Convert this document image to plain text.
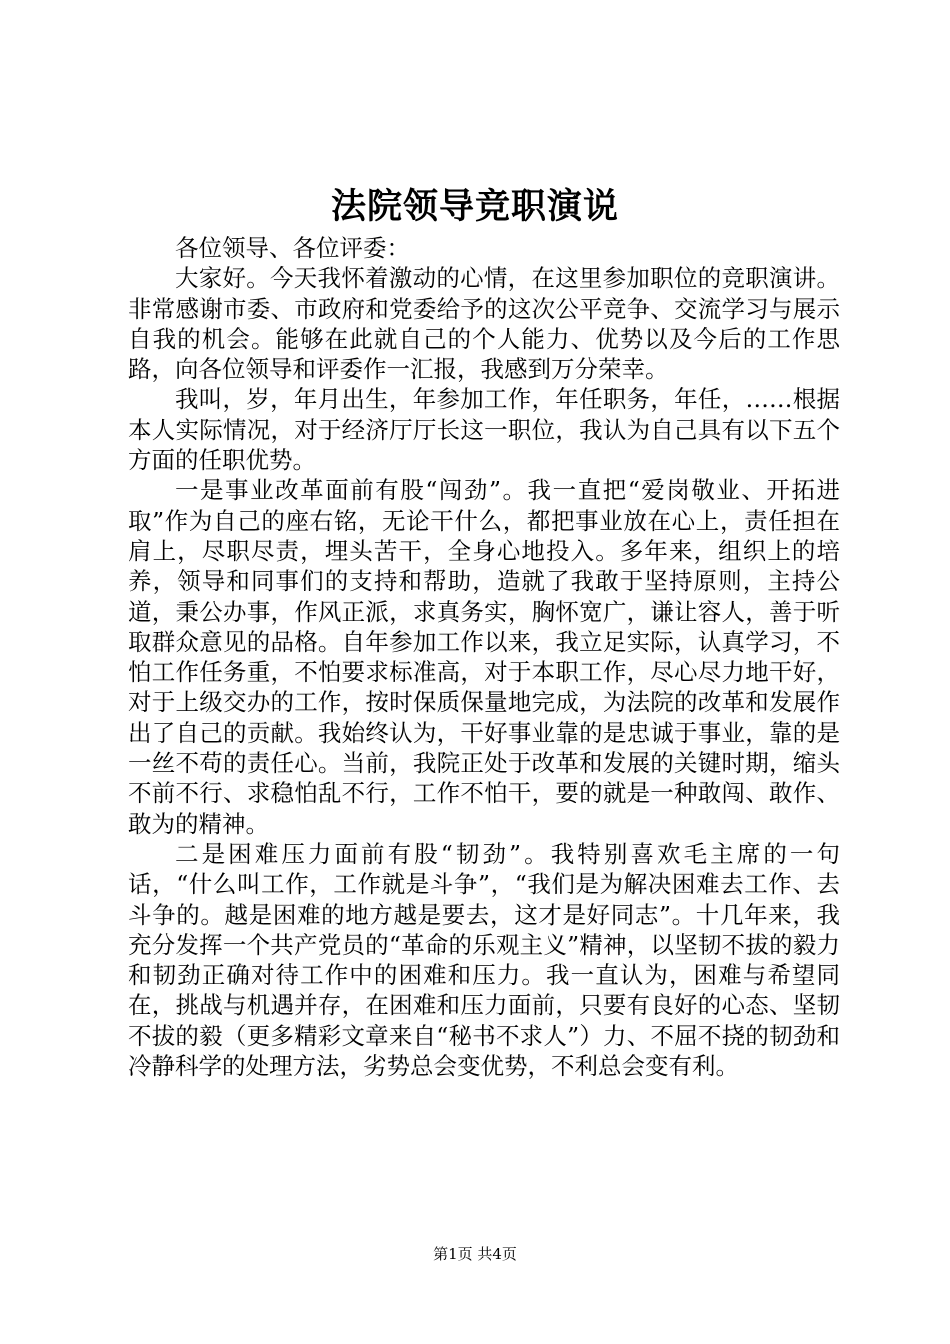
法院领导竞职演说

各位领导、各位评委：

大家好。今天我怀着激动的心情，在这里参加职位的竞职演讲。非常感谢市委、市政府和党委给予的这次公平竞争、交流学习与展示自我的机会。能够在此就自己的个人能力、优势以及今后的工作思路，向各位领导和评委作一汇报，我感到万分荣幸。

我叫，岁，年月出生，年参加工作，年任职务，年任，……根据本人实际情况，对于经济厅厅长这一职位，我认为自己具有以下五个方面的任职优势。

一是事业改革面前有股“闯劲”。我一直把“爱岗敬业、开拓进取”作为自己的座右铭，无论干什么，都把事业放在心上，责任担在肩上，尽职尽责，埋头苦干，全身心地投入。多年来，组织上的培养，领导和同事们的支持和帮助，造就了我敢于坚持原则，主持公道，秉公办事，作风正派，求真务实，胸怀宽广，谦让容人，善于听取群众意见的品格。自年参加工作以来，我立足实际，认真学习，不怕工作任务重，不怕要求标准高，对于本职工作，尽心尽力地干好，对于上级交办的工作，按时保质保量地完成，为法院的改革和发展作出了自己的贡献。我始终认为，干好事业靠的是忠诚于事业，靠的是一丝不苟的责任心。当前，我院正处于改革和发展的关键时期，缩头不前不行、求稳怕乱不行，工作不怕干，要的就是一种敢闯、敢作、敢为的精神。

二是困难压力面前有股“韧劲”。我特别喜欢毛主席的一句话，“什么叫工作，工作就是斗争”，“我们是为解决困难去工作、去斗争的。越是困难的地方越是要去，这才是好同志”。十几年来，我充分发挥一个共产党员的“革命的乐观主义”精神，以坚韧不拔的毅力和韧劲正确对待工作中的困难和压力。我一直认为，困难与希望同在，挑战与机遇并存，在困难和压力面前，只要有良好的心态、坚韧不拔的毅（更多精彩文章来自“秘书不求人”）力、不屈不挠的韧劲和冷静科学的处理方法，劣势总会变优势，不利总会变有利。

第1页 共4页
